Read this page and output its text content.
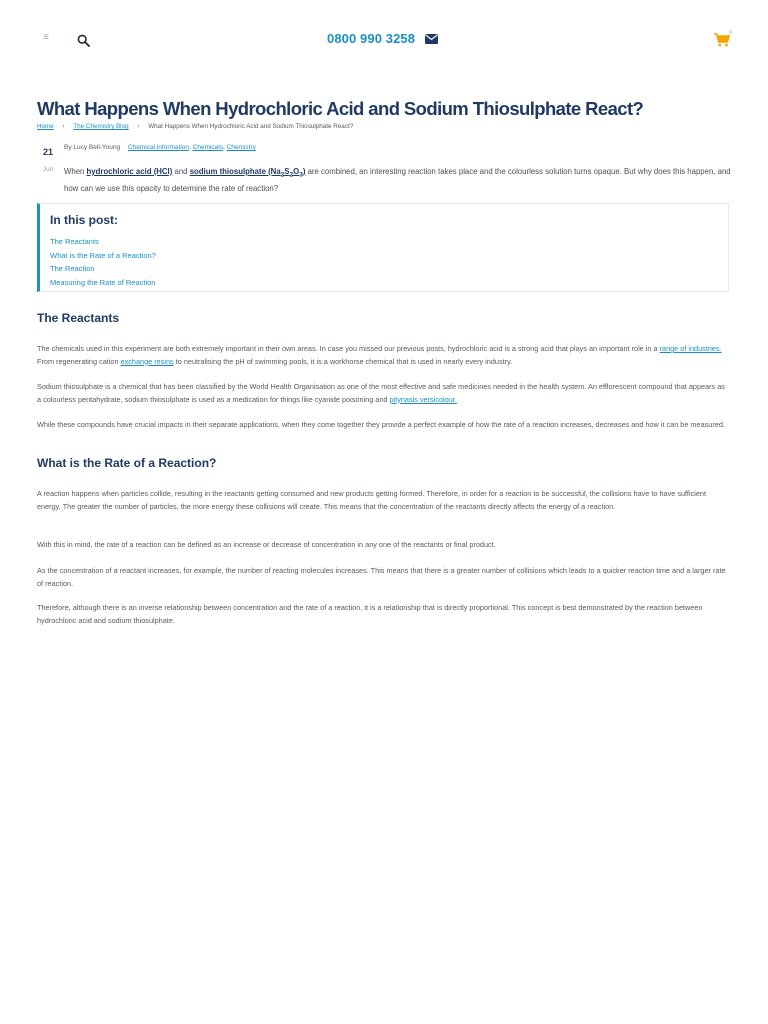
≡	0800 990 3258	0
What Happens When Hydrochloric Acid and Sodium Thiosulphate React?
Home › The Chemistry Blog › What Happens When Hydrochloric Acid and Sodium Thiosulphate React?
21
Jun
By Lucy Bell-Young Chemical information, Chemicals, Chemistry

When hydrochloric acid (HCl) and sodium thiosulphate $(Na_2S_2O_3)$ are combined, an interesting reaction takes place and the colourless solution turns opaque. But why does this happen, and how can we use this opacity to determine the rate of reaction?

In this post:
The Reactants
What is the Rate of a Reaction?
The Reaction
Measuring the Rate of Reaction
The Reactants

The chemicals used in this experiment are both extremely important in their own areas. In case you missed our previous posts, hydrochloric acid is a strong acid that plays an important role in a range of industries. From regenerating cation exchange resins to neutralising the pH of swimming pools, it is a workhorse chemical that is used in nearly every industry.

Sodium thiosulphate is a chemical that has been classified by the World Health Organisation as one of the most effective and safe medicines needed in the health system. An efflorescent compound that appears as a colourless pentahydrate, sodium thiosulphate is used as a medication for things like cyanide poisoning and pityriasis versicolour.

While these compounds have crucial impacts in their separate applications, when they come together they provide a perfect example of how the rate of a reaction increases, decreases and how it can be measured.

What is the Rate of a Reaction?

A reaction happens when particles collide, resulting in the reactants getting consumed and new products getting formed. Therefore, in order for a reaction to be successful, the collisions have to have sufficient energy. The greater the number of particles, the more energy these collisions will create. This means that the concentration of the reactants directly affects the energy of a reaction.

With this in mind, the rate of a reaction can be defined as an increase or decrease of concentration in any one of the reactants or final product.

As the concentration of a reactant increases, for example, the number of reacting molecules increases. This means that there is a greater number of collisions which leads to a quicker reaction time and a larger rate of reaction.

Therefore, although there is an inverse relationship between concentration and the rate of a reaction, it is a relationship that is directly proportional. This concept is best demonstrated by the reaction between hydrochloric acid and sodium thiosulphate.
